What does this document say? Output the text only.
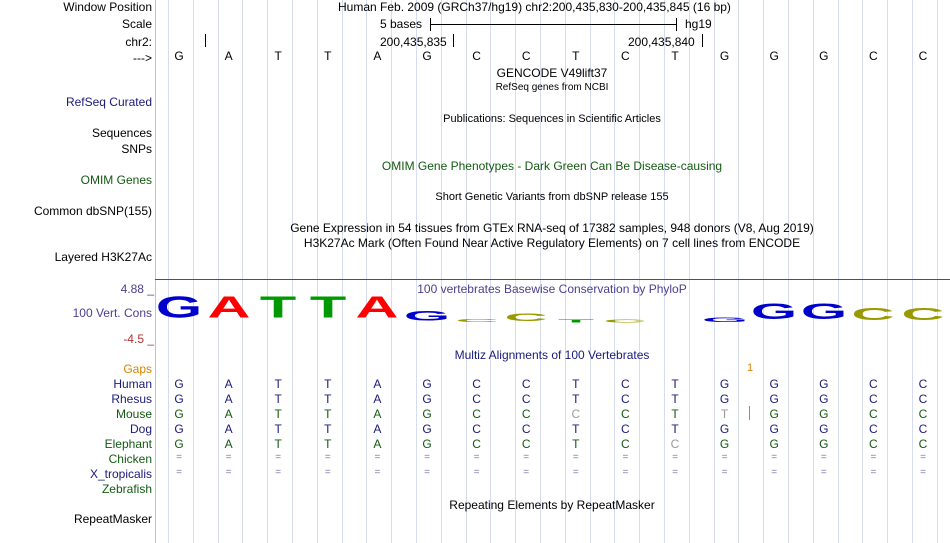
Window Position	Human Feb. 2009 (GRCh37/hg19) chr2:200,435,830-200,435,845 (16 bp)
Scale	5 bases	hg19
chr2:	200,435,835	200,435,840
--->	G	A	T	T	A	G	C	C	T	C	T	G	G	G	C	C
GENCODE V49lift37
RefSeq genes from NCBI
RefSeq Curated
Publications: Sequences in Scientific Articles
Sequences
SNPs
OMIM Gene Phenotypes - Dark Green Can Be Disease-causing
OMIM Genes
Short Genetic Variants from dbSNP release 155
Common dbSNP(155)
Gene Expression in 54 tissues from GTEx RNA-seq of 17382 samples, 948 donors (V8, Aug 2019)
H3K27Ac Mark (Often Found Near Active Regulatory Elements) on 7 cell lines from ENCODE
Layered H3K27Ac
100 vertebrates Basewise Conservation by PhyloP
4.88 _
100 Vert. Cons
-4.5 _
G A T T A G C C T C	G G G C C
Multiz Alignments of 100 Vertebrates
Gaps	1
Human	G	A	T	T	A	G	C	C	T	C	T	G	G	G	C	C
Rhesus	G	A	T	T	A	G	C	C	T	C	T	G	G	G	C	C
Mouse	G	A	T	T	A	G	C	C	C	C	T	T	G	G	C	C
Dog	G	A	T	T	A	G	C	C	T	C	T	G	G	G	C	C
Elephant	G	A	T	T	A	G	C	C	T	C	C	G	G	G	C	C
Chicken	=	=	=	=	=	=	=	=	=	=	=	=	=	=	=	=
X_tropicalis	=	=	=	=	=	=	=	=	=	=	=	=	=	=	=	=
Zebrafish
Repeating Elements by RepeatMasker
RepeatMasker
